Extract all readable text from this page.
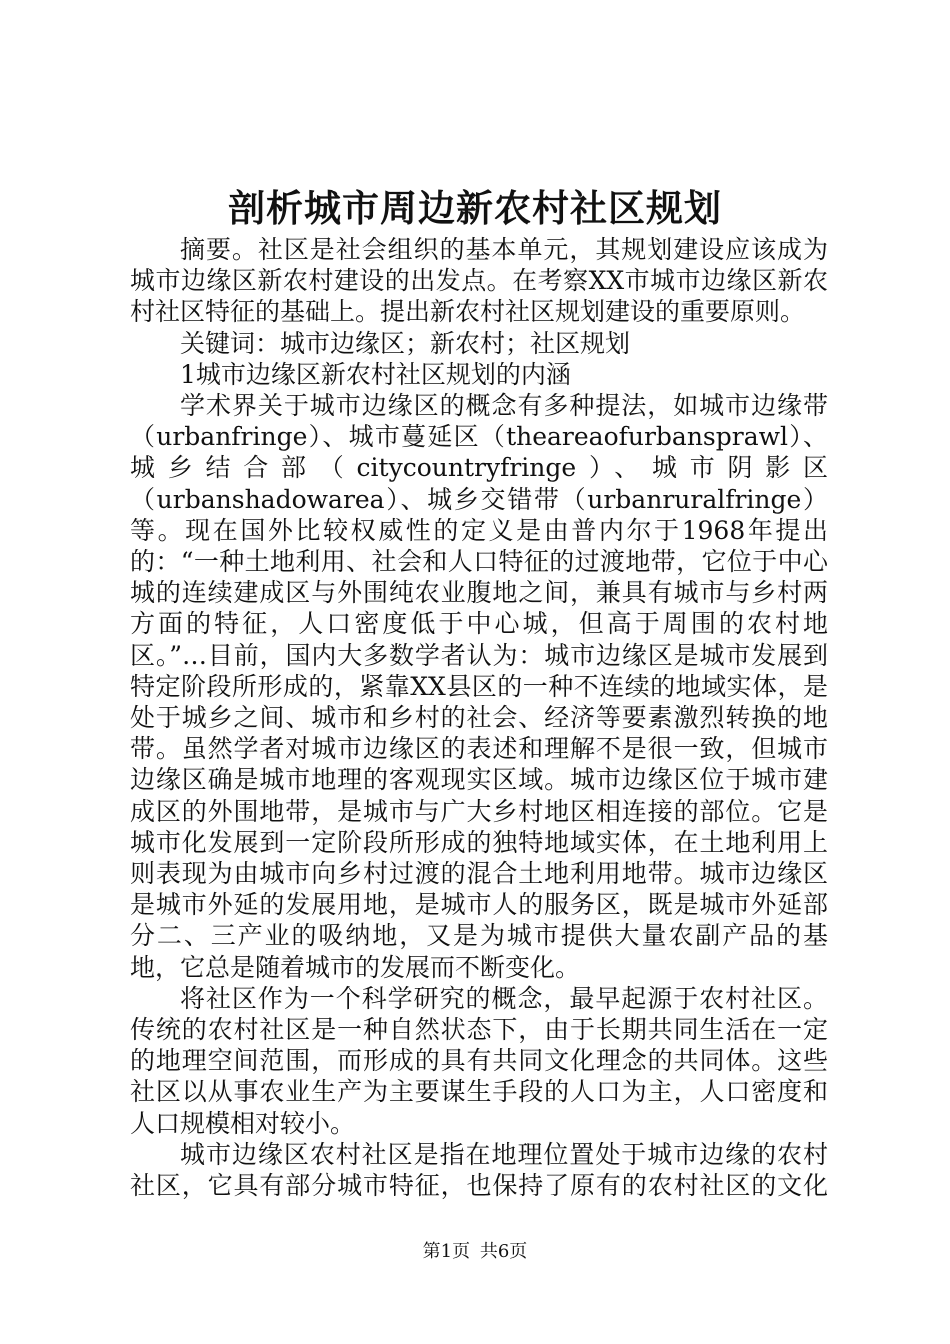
剖析城市周边新农村社区规划

摘要。社区是社会组织的基本单元，其规划建设应该成为城市边缘区新农村建设的出发点。在考察XX市城市边缘区新农村社区特征的基础上。提出新农村社区规划建设的重要原则。

关键词：城市边缘区；新农村；社区规划

1城市边缘区新农村社区规划的内涵

学术界关于城市边缘区的概念有多种提法，如城市边缘带（urbanfringe）、城市蔓延区（theareaofurbansprawl）、城乡结合部（citycountryfringe）、城市阴影区（urbanshadowarea）、城乡交错带（urbanruralfringe）等。现在国外比较权威性的定义是由普内尔于1968年提出的：“一种土地利用、社会和人口特征的过渡地带，它位于中心城的连续建成区与外围纯农业腹地之间，兼具有城市与乡村两方面的特征，人口密度低于中心城，但高于周围的农村地区。”…目前，国内大多数学者认为：城市边缘区是城市发展到特定阶段所形成的，紧靠XX县区的一种不连续的地域实体，是处于城乡之间、城市和乡村的社会、经济等要素激烈转换的地带。虽然学者对城市边缘区的表述和理解不是很一致，但城市边缘区确是城市地理的客观现实区域。城市边缘区位于城市建成区的外围地带，是城市与广大乡村地区相连接的部位。它是城市化发展到一定阶段所形成的独特地域实体，在土地利用上则表现为由城市向乡村过渡的混合土地利用地带。城市边缘区是城市外延的发展用地，是城市人的服务区，既是城市外延部分二、三产业的吸纳地，又是为城市提供大量农副产品的基地，它总是随着城市的发展而不断变化。

将社区作为一个科学研究的概念，最早起源于农村社区。传统的农村社区是一种自然状态下，由于长期共同生活在一定的地理空间范围，而形成的具有共同文化理念的共同体。这些社区以从事农业生产为主要谋生手段的人口为主，人口密度和人口规模相对较小。

城市边缘区农村社区是指在地理位置处于城市边缘的农村社区，它具有部分城市特征，也保持了原有的农村社区的文化

第1页 共6页
